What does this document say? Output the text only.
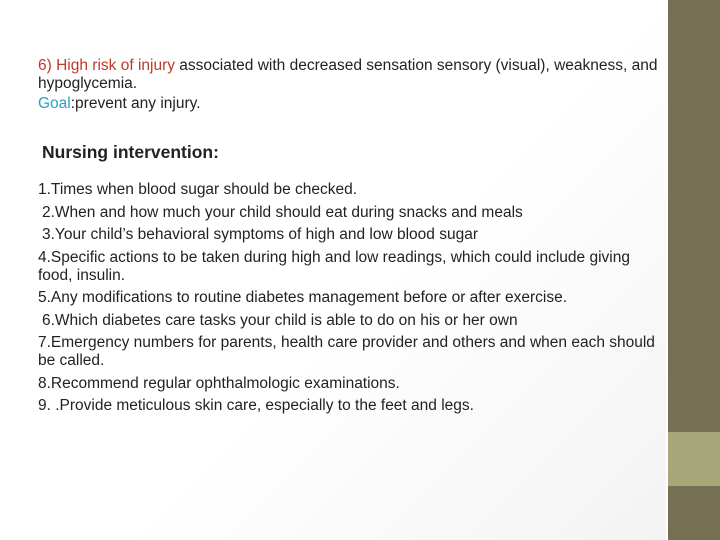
6) High risk of injury associated with decreased sensation sensory (visual), weakness, and hypoglycemia.

Goal:prevent any injury.

Nursing intervention:
1.Times when blood sugar should be checked.
2.When and how much your child should eat during snacks and meals
3.Your child’s behavioral symptoms of high and low blood sugar
4.Specific actions to be taken during high and low readings, which could include giving food, insulin.
5.Any modifications to routine diabetes management before or after exercise.
6.Which diabetes care tasks your child is able to do on his or her own
7.Emergency numbers for parents, health care provider and others and when each should be called.
8.Recommend regular ophthalmologic examinations.
9. .Provide meticulous skin care, especially to the feet and legs.
